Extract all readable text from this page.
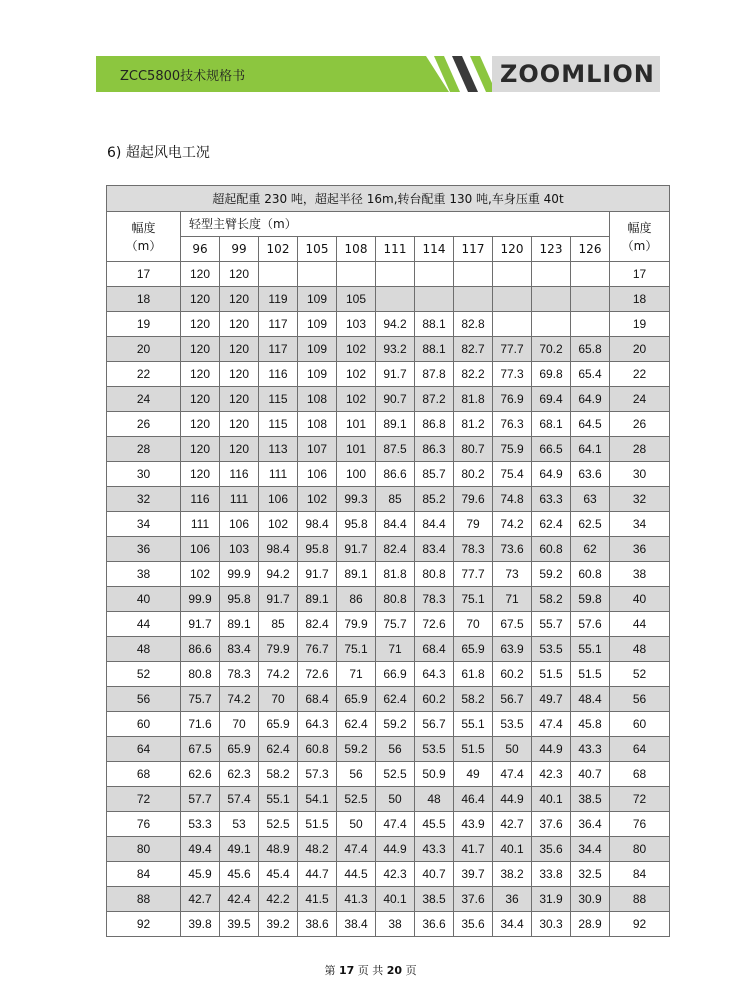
ZCC5800技术规格书	ZOOMLION
6) 超起风电工况
超起配重 230 吨，超起半径 16m,转台配重 130 吨,车身压重 40t												
幅度
（m）	轻型主臂长度（m）											幅度
（m）
	96	99	102	105	108	111	114	117	120	123	126	
17	120	120										17
18	120	120	119	109	105							18
19	120	120	117	109	103	94.2	88.1	82.8				19
20	120	120	117	109	102	93.2	88.1	82.7	77.7	70.2	65.8	20
22	120	120	116	109	102	91.7	87.8	82.2	77.3	69.8	65.4	22
24	120	120	115	108	102	90.7	87.2	81.8	76.9	69.4	64.9	24
26	120	120	115	108	101	89.1	86.8	81.2	76.3	68.1	64.5	26
28	120	120	113	107	101	87.5	86.3	80.7	75.9	66.5	64.1	28
30	120	116	111	106	100	86.6	85.7	80.2	75.4	64.9	63.6	30
32	116	111	106	102	99.3	85	85.2	79.6	74.8	63.3	63	32
34	111	106	102	98.4	95.8	84.4	84.4	79	74.2	62.4	62.5	34
36	106	103	98.4	95.8	91.7	82.4	83.4	78.3	73.6	60.8	62	36
38	102	99.9	94.2	91.7	89.1	81.8	80.8	77.7	73	59.2	60.8	38
40	99.9	95.8	91.7	89.1	86	80.8	78.3	75.1	71	58.2	59.8	40
44	91.7	89.1	85	82.4	79.9	75.7	72.6	70	67.5	55.7	57.6	44
48	86.6	83.4	79.9	76.7	75.1	71	68.4	65.9	63.9	53.5	55.1	48
52	80.8	78.3	74.2	72.6	71	66.9	64.3	61.8	60.2	51.5	51.5	52
56	75.7	74.2	70	68.4	65.9	62.4	60.2	58.2	56.7	49.7	48.4	56
60	71.6	70	65.9	64.3	62.4	59.2	56.7	55.1	53.5	47.4	45.8	60
64	67.5	65.9	62.4	60.8	59.2	56	53.5	51.5	50	44.9	43.3	64
68	62.6	62.3	58.2	57.3	56	52.5	50.9	49	47.4	42.3	40.7	68
72	57.7	57.4	55.1	54.1	52.5	50	48	46.4	44.9	40.1	38.5	72
76	53.3	53	52.5	51.5	50	47.4	45.5	43.9	42.7	37.6	36.4	76
80	49.4	49.1	48.9	48.2	47.4	44.9	43.3	41.7	40.1	35.6	34.4	80
84	45.9	45.6	45.4	44.7	44.5	42.3	40.7	39.7	38.2	33.8	32.5	84
88	42.7	42.4	42.2	41.5	41.3	40.1	38.5	37.6	36	31.9	30.9	88
92	39.8	39.5	39.2	38.6	38.4	38	36.6	35.6	34.4	30.3	28.9	92
第 17 页 共 20 页
